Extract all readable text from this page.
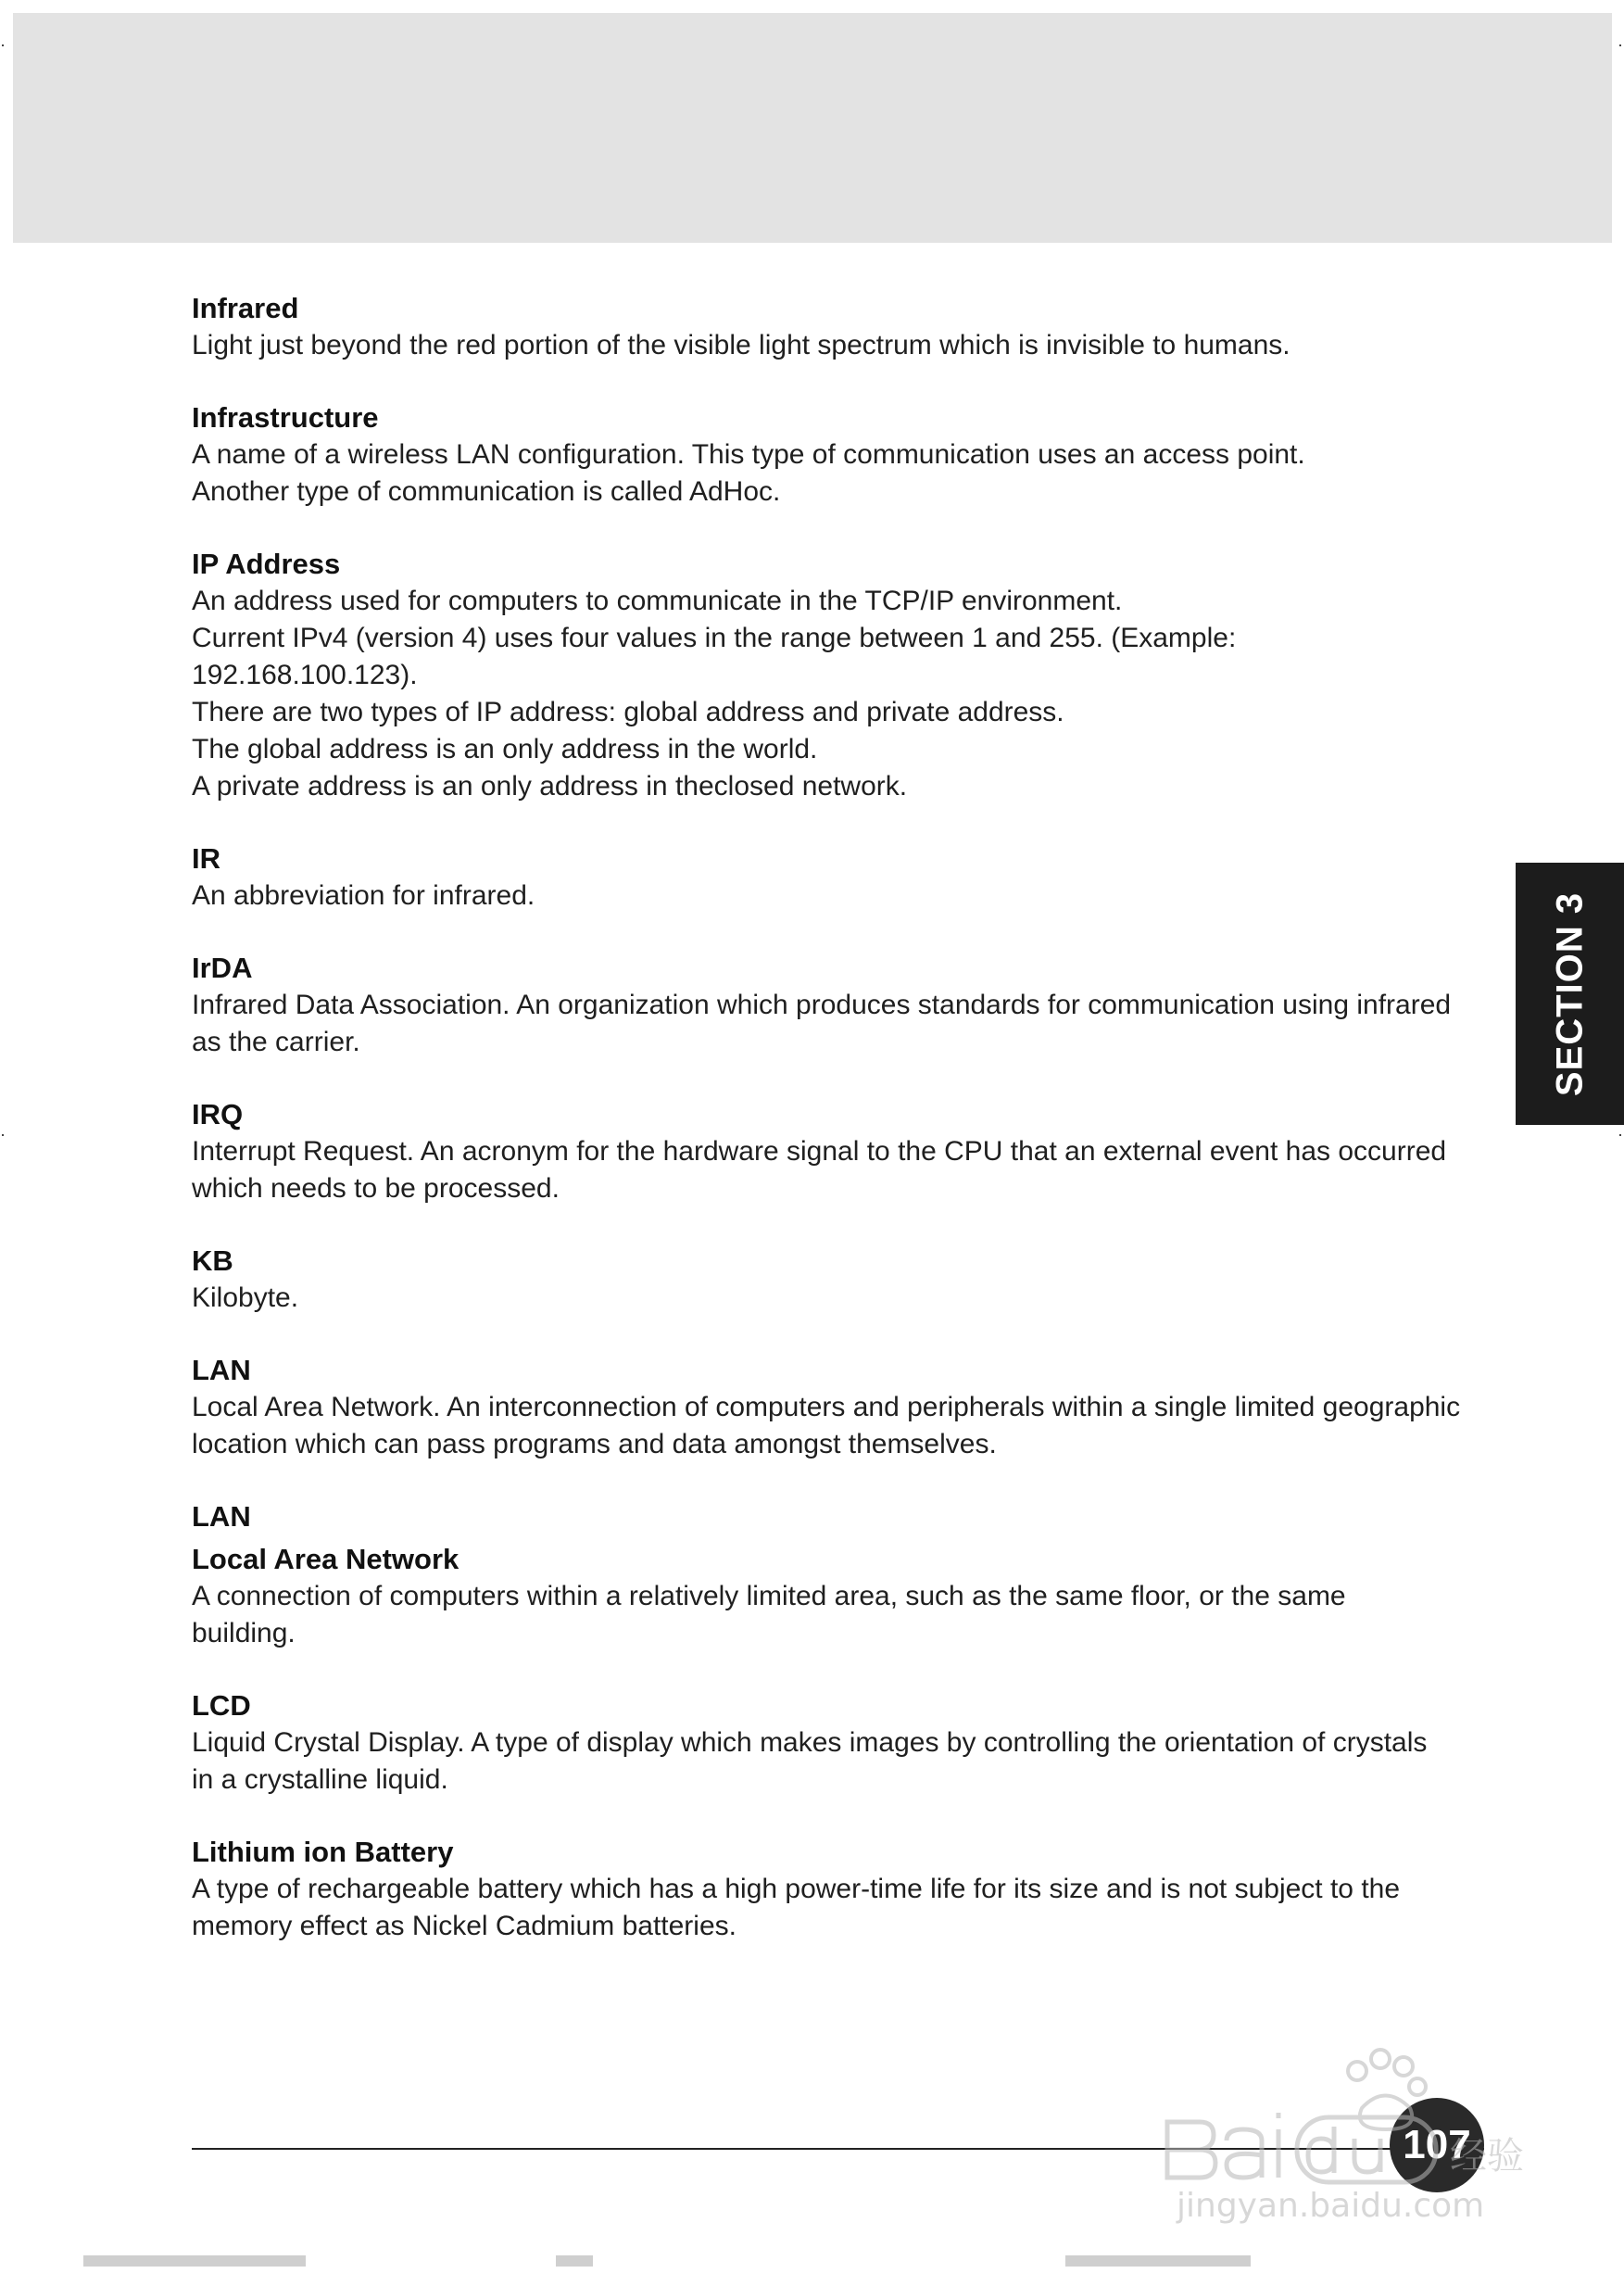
Infrared

Light just beyond the red portion of the visible light spectrum which is invisible to humans.

Infrastructure

A name of a wireless LAN configuration. This type of communication uses an access point.

Another type of communication is called AdHoc.

IP Address

An address used for computers to communicate in the TCP/IP environment.

Current IPv4 (version 4) uses four values in the range between 1 and 255. (Example:

192.168.100.123).

There are two types of IP address: global address and private address.

The global address is an only address in the world.

A private address is an only address in theclosed network.

IR

An abbreviation for infrared.

IrDA

Infrared Data Association. An organization which produces standards for communication using infrared

as the carrier.

IRQ

Interrupt Request. An acronym for the hardware signal to the CPU that an external event has occurred

which needs to be processed.

KB

Kilobyte.

LAN

Local Area Network. An interconnection of computers and peripherals within a single limited geographic

location which can pass programs and data amongst themselves.

LAN

Local Area Network

A connection of computers within a relatively limited area, such as the same floor, or the same

building.

LCD

Liquid Crystal Display. A type of display which makes images by controlling the orientation of crystals

in a crystalline liquid.

Lithium ion Battery

A type of rechargeable battery which has a high power-time life for its size and is not subject to the

memory effect as Nickel Cadmium batteries.

SECTION 3
107
经验
jingyan.baidu.com
